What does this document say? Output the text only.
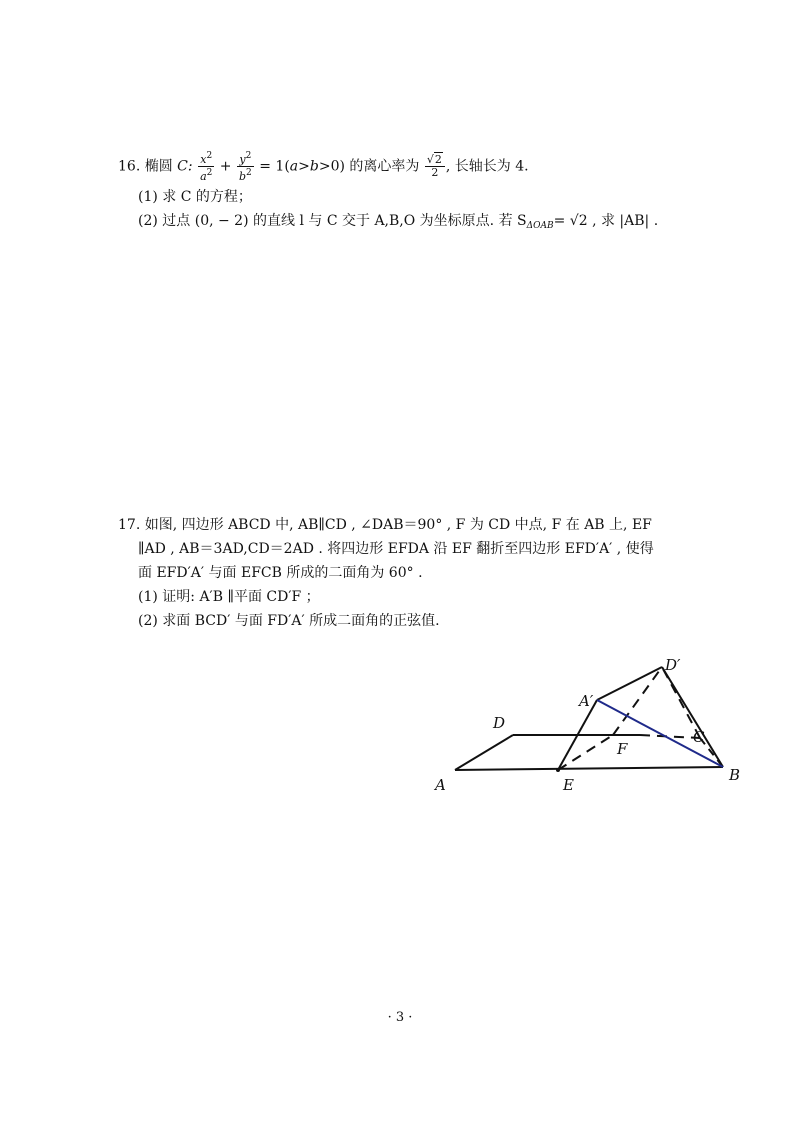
16. 椭圆 C: $\frac{x^2}{a^2} + \frac{y^2}{b^2} = 1(a>b>0)$ 的离心率为 $\frac{√2}{2}$ , 长轴长为 4.
(1) 求 C 的方程；
(2) 过点 (0, − 2) 的直线 l 与 C 交于 A,B,O 为坐标原点. 若 $S_{\Delta OAB}= √2$ , 求 |AB| .
17. 如图, 四边形 ABCD 中, AB∥CD , ∠DAB＝90° , F 为 CD 中点, F 在 AB 上, EF
∥AD , AB＝3AD,CD＝2AD . 将四边形 EFDA 沿 EF 翻折至四边形 EFD′A′ , 使得
面 EFD′A′ 与面 EFCB 所成的二面角为 60° .
(1) 证明: A′B ∥平面 CD′F ；
(2) 求面 BCD′ 与面 FD′A′ 所成二面角的正弦值.
A	E
B
D
F
C
A′
D′
· 3 ·
